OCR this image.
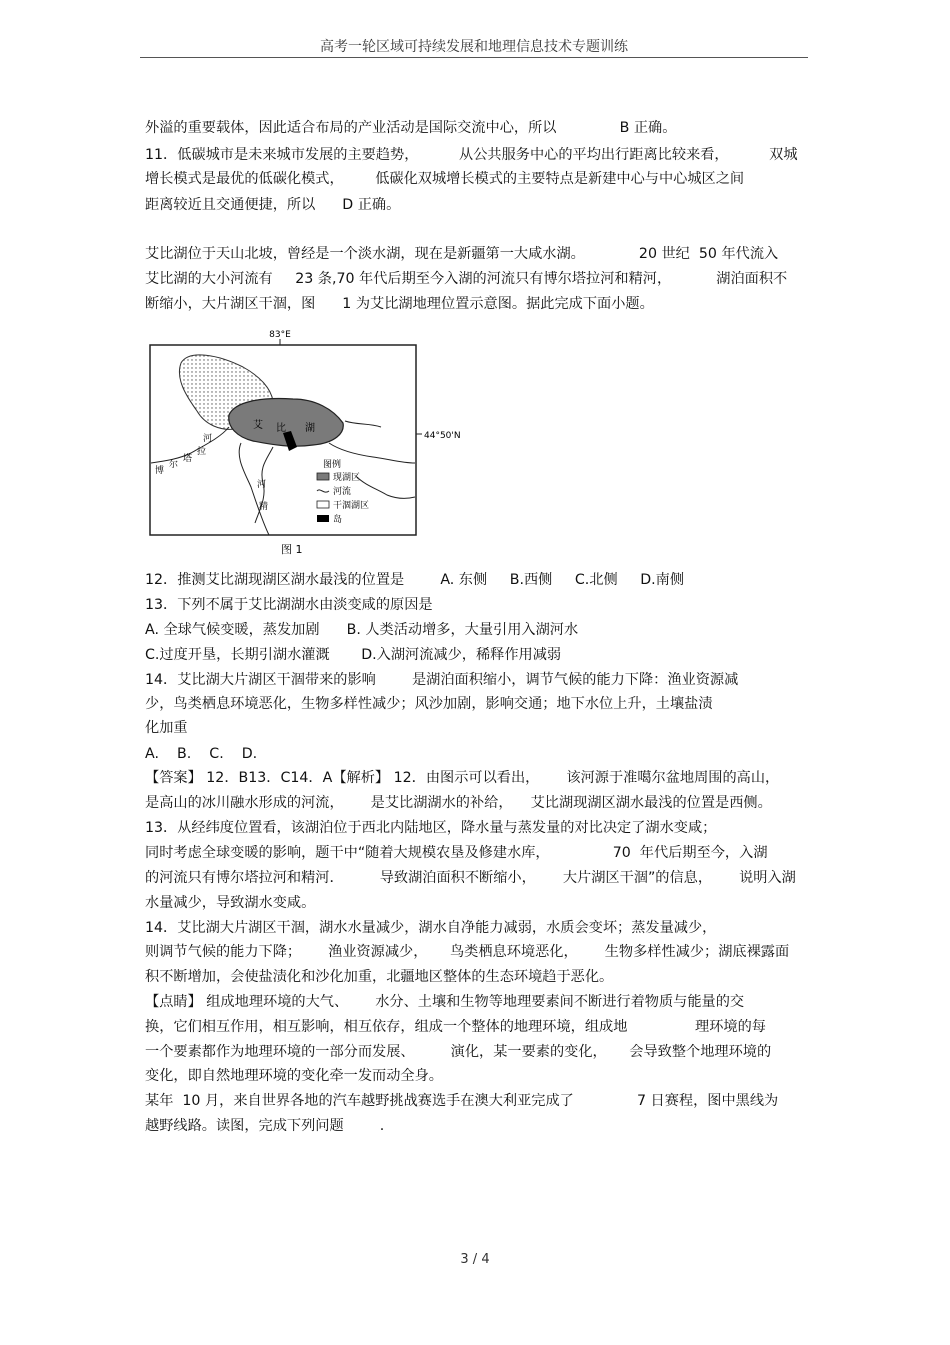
高考一轮区域可持续发展和地理信息技术专题训练
外溢的重要载体，因此适合布局的产业活动是国际交流中心，所以              B 正确。
11．低碳城市是未来城市发展的主要趋势，         从公共服务中心的平均出行距离比较来看，         双城
增长模式是最优的低碳化模式，       低碳化双城增长模式的主要特点是新建中心与中心城区之间
距离较近且交通便捷，所以      D 正确。
艾比湖位于天山北坡，曾经是一个淡水湖，现在是新疆第一大咸水湖。            20 世纪  50 年代流入
艾比湖的大小河流有     23 条,70 年代后期至今入湖的河流只有博尔塔拉河和精河，          湖泊面积不
断缩小，大片湖区干涸，图      1 为艾比湖地理位置示意图。据此完成下面小题。
83°E
44°50'N
艾 比 湖
河
拉
塔
尔
博
河
精
图例
现湖区
河流
干涸湖区
岛
图 1
12．推测艾比湖现湖区湖水最浅的位置是        A. 东侧     B.西侧     C.北侧     D.南侧
13．下列不属于艾比湖湖水由淡变咸的原因是
A. 全球气候变暖，蒸发加剧      B. 人类活动增多，大量引用入湖河水
C.过度开垦，长期引湖水灌溉       D.入湖河流减少，稀释作用减弱
14．艾比湖大片湖区干涸带来的影响        是湖泊面积缩小，调节气候的能力下降：渔业资源减
少，鸟类栖息环境恶化，生物多样性减少；风沙加剧，影响交通；地下水位上升，土壤盐渍
化加重
A.    B.    C.    D.
【答案】 12．B13．C14．A【解析】 12．由图示可以看出，      该河源于准噶尔盆地周围的高山，
是高山的冰川融水形成的河流，      是艾比湖湖水的补给，    艾比湖现湖区湖水最浅的位置是西侧。
13．从经纬度位置看，该湖泊位于西北内陆地区，降水量与蒸发量的对比决定了湖水变咸；
同时考虑全球变暖的影响，题干中“随着大规模农垦及修建水库，              70  年代后期至今，入湖
的河流只有博尔塔拉河和精河．        导致湖泊面积不断缩小，      大片湖区干涸”的信息，      说明入湖
水量减少，导致湖水变咸。
14．艾比湖大片湖区干涸，湖水水量减少，湖水自净能力减弱，水质会变坏；蒸发量减少，
则调节气候的能力下降；      渔业资源减少，     鸟类栖息环境恶化，      生物多样性减少；湖底裸露面
积不断增加，会使盐渍化和沙化加重，北疆地区整体的生态环境趋于恶化。
【点睛】 组成地理环境的大气、      水分、土壤和生物等地理要素间不断进行着物质与能量的交
换，它们相互作用，相互影响，相互依存，组成一个整体的地理环境，组成地               理环境的每
一个要素都作为地理环境的一部分而发展、        演化，某一要素的变化，     会导致整个地理环境的
变化，即自然地理环境的变化牵一发而动全身。
某年  10 月，来自世界各地的汽车越野挑战赛选手在澳大利亚完成了              7 日赛程，图中黑线为
越野线路。读图，完成下列问题        .
3 / 4
